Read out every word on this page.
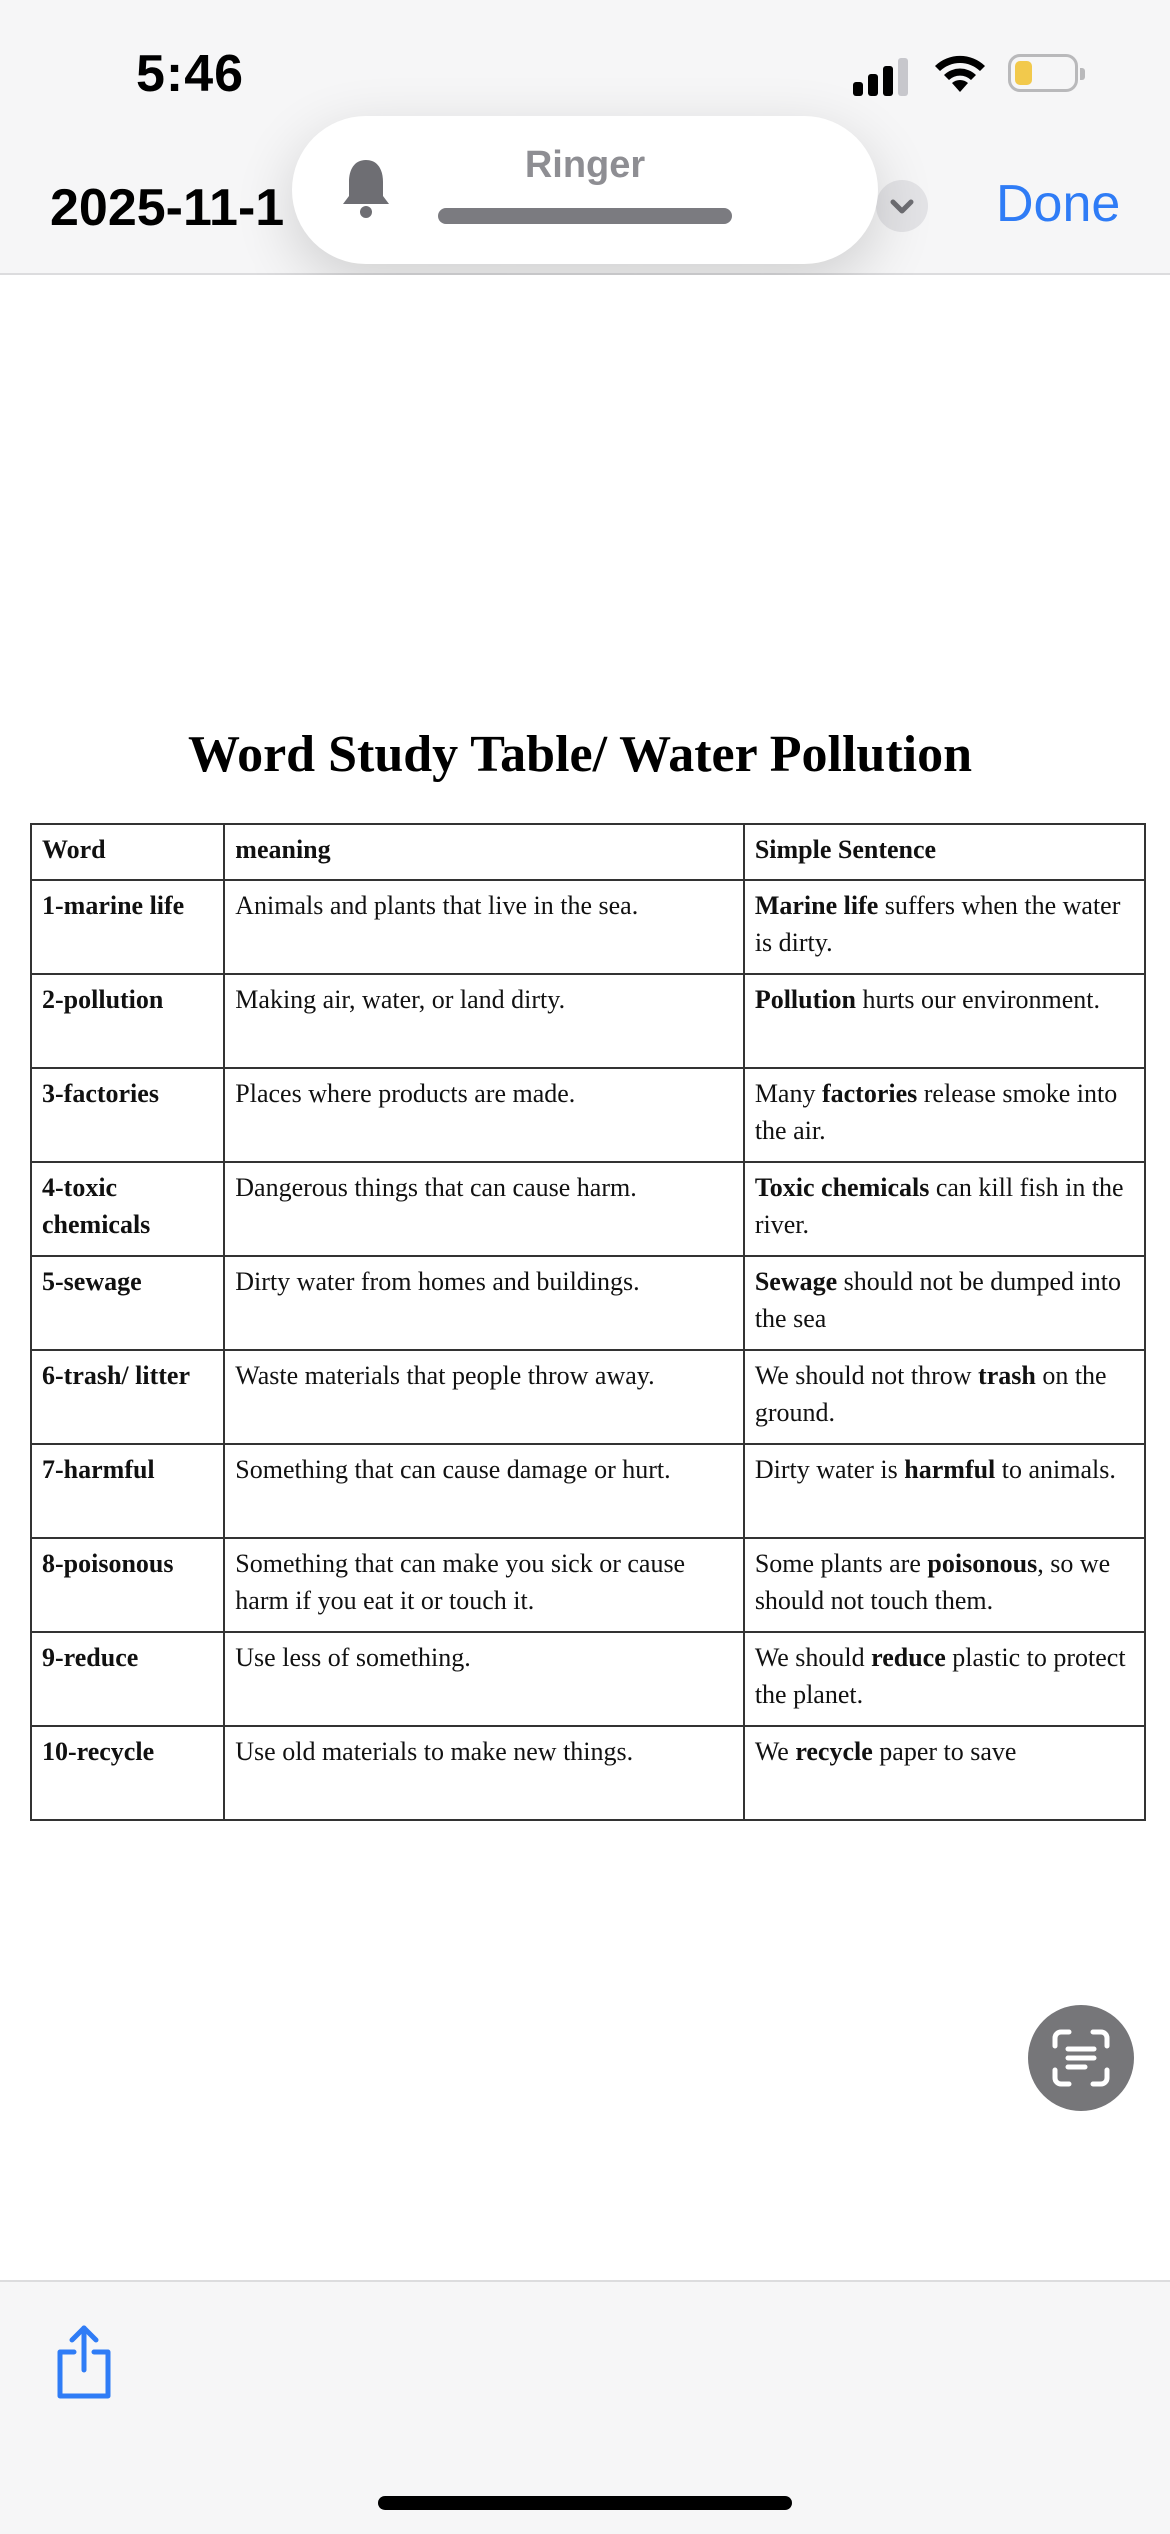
5:46
2025-11-1	Done
Ringer
Word Study Table/ Water Pollution
Word	meaning	Simple Sentence
1-marine life	Animals and plants that live in the sea.	Marine life suffers when the water is dirty.
2-pollution	Making air, water, or land dirty.	Pollution hurts our environment.
3-factories	Places where products are made.	Many factories release smoke into the air.
4-toxic chemicals	Dangerous things that can cause harm.	Toxic chemicals can kill fish in the river.
5-sewage	Dirty water from homes and buildings.	Sewage should not be dumped into the sea
6-trash/ litter	Waste materials that people throw away.	We should not throw trash on the ground.
7-harmful	Something that can cause damage or hurt.	Dirty water is harmful to animals.
8-poisonous	Something that can make you sick or cause harm if you eat it or touch it.	Some plants are poisonous, so we should not touch them.
9-reduce	Use less of something.	We should reduce plastic to protect the planet.
10-recycle	Use old materials to make new things.	We recycle paper to save
